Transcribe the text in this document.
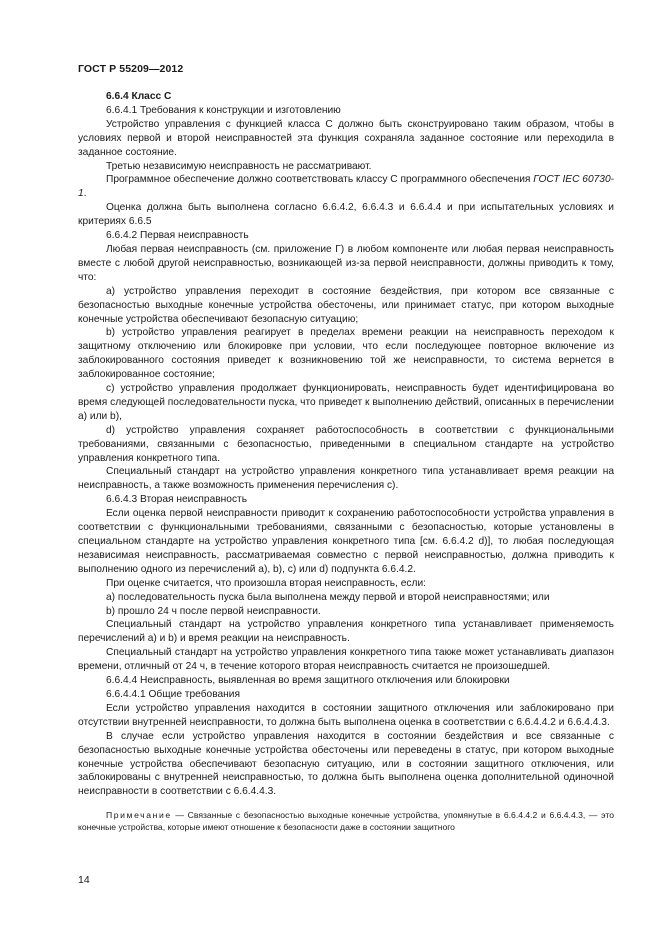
ГОСТ Р 55209—2012

6.6.4 Класс С

6.6.4.1 Требования к конструкции и изготовлению

Устройство управления с функцией класса С должно быть сконструировано таким образом, чтобы в условиях первой и второй неисправностей эта функция сохраняла заданное состояние или переходила в заданное состояние.

Третью независимую неисправность не рассматривают.

Программное обеспечение должно соответствовать классу С программного обеспечения ГОСТ IEC 60730-1.

Оценка должна быть выполнена согласно 6.6.4.2, 6.6.4.3 и 6.6.4.4 и при испытательных условиях и критериях 6.6.5

6.6.4.2 Первая неисправность

Любая первая неисправность (см. приложение Г) в любом компоненте или любая первая неисправность вместе с любой другой неисправностью, возникающей из-за первой неисправности, должны приводить к тому, что:

а) устройство управления переходит в состояние бездействия, при котором все связанные с безопасностью выходные конечные устройства обесточены, или принимает статус, при котором выходные конечные устройства обеспечивают безопасную ситуацию;

b) устройство управления реагирует в пределах времени реакции на неисправность переходом к защитному отключению или блокировке при условии, что если последующее повторное включение из заблокированного состояния приведет к возникновению той же неисправности, то система вернется в заблокированное состояние;

с) устройство управления продолжает функционировать, неисправность будет идентифицирована во время следующей последовательности пуска, что приведет к выполнению действий, описанных в перечислении а) или b),

d) устройство управления сохраняет работоспособность в соответствии с функциональными требованиями, связанными с безопасностью, приведенными в специальном стандарте на устройство управления конкретного типа.

Специальный стандарт на устройство управления конкретного типа устанавливает время реакции на неисправность, а также возможность применения перечисления с).

6.6.4.3 Вторая неисправность

Если оценка первой неисправности приводит к сохранению работоспособности устройства управления в соответствии с функциональными требованиями, связанными с безопасностью, которые установлены в специальном стандарте на устройство управления конкретного типа [см. 6.6.4.2 d)], то любая последующая независимая неисправность, рассматриваемая совместно с первой неисправностью, должна приводить к выполнению одного из перечислений а), b), с) или d) подпункта 6.6.4.2.

При оценке считается, что произошла вторая неисправность, если:

а) последовательность пуска была выполнена между первой и второй неисправностями; или

b) прошло 24 ч после первой неисправности.

Специальный стандарт на устройство управления конкретного типа устанавливает применяемость перечислений а) и b) и время реакции на неисправность.

Специальный стандарт на устройство управления конкретного типа также может устанавливать диапазон времени, отличный от 24 ч, в течение которого вторая неисправность считается не произошедшей.

6.6.4.4 Неисправность, выявленная во время защитного отключения или блокировки

6.6.4.4.1 Общие требования

Если устройство управления находится в состоянии защитного отключения или заблокировано при отсутствии внутренней неисправности, то должна быть выполнена оценка в соответствии с 6.6.4.4.2 и 6.6.4.4.3.

В случае если устройство управления находится в состоянии бездействия и все связанные с безопасностью выходные конечные устройства обесточены или переведены в статус, при котором выходные конечные устройства обеспечивают безопасную ситуацию, или в состоянии защитного отключения, или заблокированы с внутренней неисправностью, то должна быть выполнена оценка дополнительной одиночной неисправности в соответствии с 6.6.4.4.3.

Примечание — Связанные с безопасностью выходные конечные устройства, упомянутые в 6.6.4.4.2 и 6.6.4.4.3, — это конечные устройства, которые имеют отношение к безопасности даже в состоянии защитного

14
